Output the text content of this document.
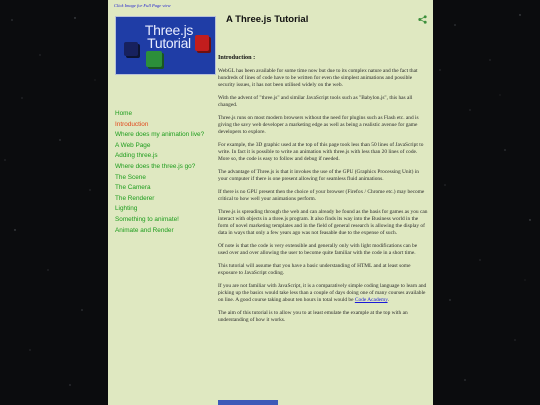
Click Image for Full Page view
Three.js Tutorial
A Three.js Tutorial
Home
Introduction
Where does my animation live?
A Web Page
Adding three.js
Where does the three.js go?
The Scene
The Camera
The Renderer
Lighting
Something to animate!
Animate and Render
Introduction :

WebGL has been available for some time now but due to its complex nature and the fact that hundreds of lines of code have to be written for even the simplest animations and possible security issues, it has not been utilised widely on the web.

With the advent of "three.js" and similar JavaScript tools such as "Babylon.js", this has all changed.

Three.js runs on most modern browsers without the need for plugins such as Flash etc. and is giving the savy web developer a marketing edge as well as being a realistic avenue for game developers to explore.

For example, the 3D graphic used at the top of this page took less than 50 lines of JavaScript to write. In fact it is possible to write an animation with three.js with less than 20 lines of code. More so, the code is easy to follow and debug if needed.

The advantage of Three.js is that it invokes the use of the GPU (Graphics Processing Unit) in your computer if there is one present allowing for seamless fluid animations.

If there is no GPU present then the choice of your browser (Firefox / Chrome etc.) may become critical to how well your animations perform.

Three.js is spreading through the web and can already be found as the basis for games as you can interact with objects in a three.js program. It also finds its way into the Business world in the form of novel marketing templates and in the field of general research is allowing the display of data in ways that only a few years ago was not feasable due to the expense of such.

Of note is that the code is very extensible and generally only with light modifications can be used over and over allowing the user to become quite familiar with the code in a short time.

This tutorial will assume that you have a basic understanding of HTML and at least some exposure to JavaScript coding.

If you are not familiar with JavaScript, it is a comparatively simple coding language to learn and picking up the basics would take less than a couple of days doing one of many courses available on line. A good course taking about ten hours in total would be Code Academy.

The aim of this tutorial is to allow you to at least emulate the example at the top with an understanding of how it works.
